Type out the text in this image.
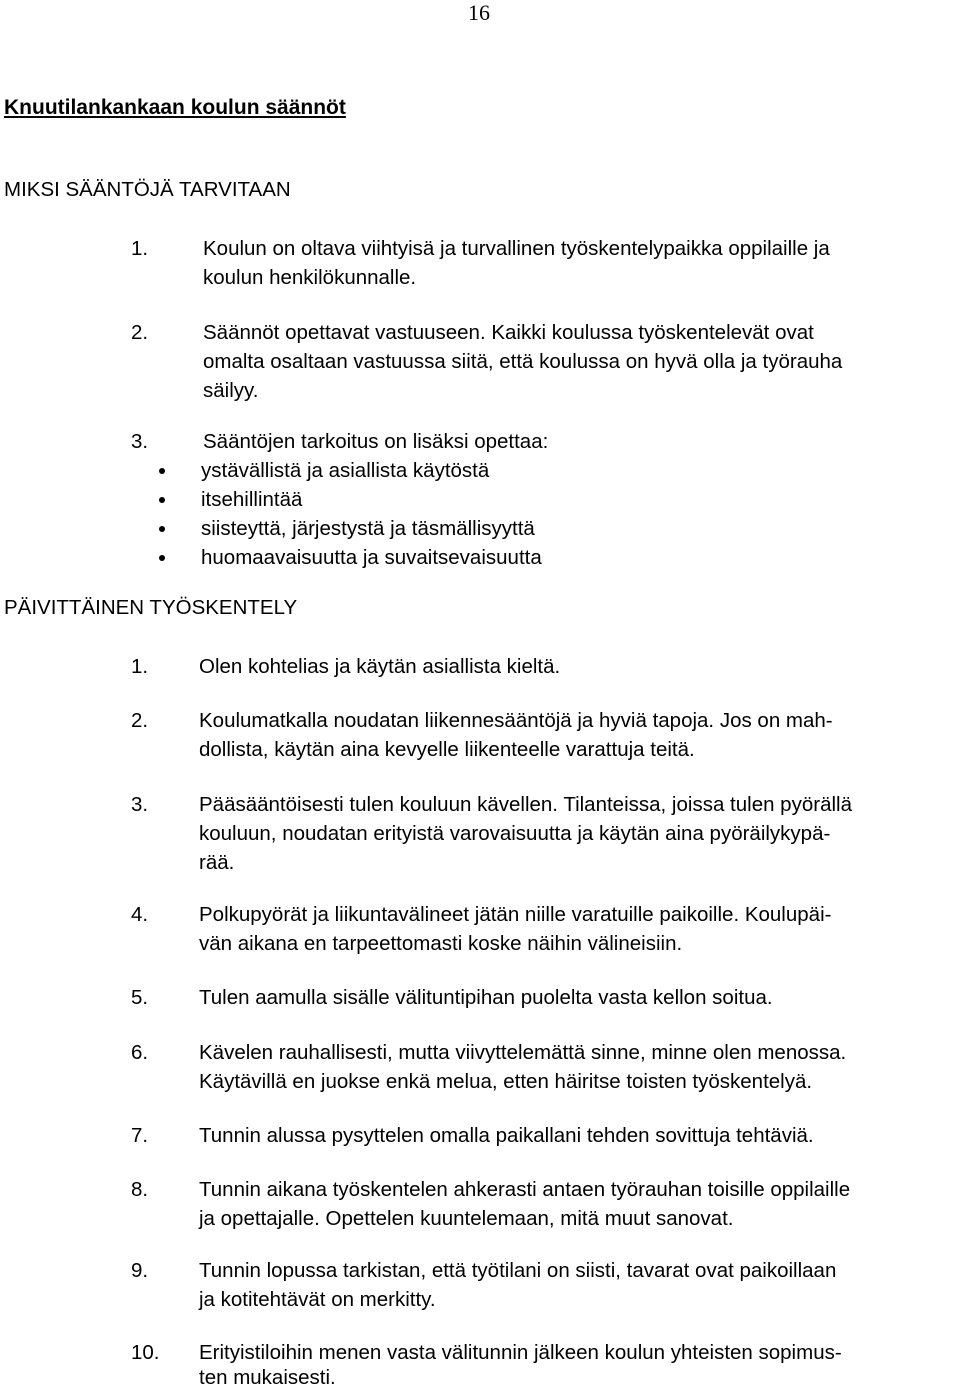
16
Knuutilankankaan koulun säännöt
MIKSI SÄÄNTÖJÄ TARVITAAN
1.	Koulun on oltava viihtyisä ja turvallinen työskentelypaikka oppilaille ja
koulun henkilökunnalle.
2.	Säännöt opettavat vastuuseen. Kaikki koulussa työskentelevät ovat
omalta osaltaan vastuussa siitä, että koulussa on hyvä olla ja työrauha
säilyy.
3.	Sääntöjen tarkoitus on lisäksi opettaa:
ystävällistä ja asiallista käytöstä
itsehillintää
siisteyttä, järjestystä ja täsmällisyyttä
huomaavaisuutta ja suvaitsevaisuutta
PÄIVITTÄINEN TYÖSKENTELY
1. Olen kohtelias ja käytän asiallista kieltä.
2. Koulumatkalla noudatan liikennesääntöjä ja hyviä tapoja. Jos on mah-
dollista, käytän aina kevyelle liikenteelle varattuja teitä.
3. Pääsääntöisesti tulen kouluun kävellen. Tilanteissa, joissa tulen pyörällä
kouluun, noudatan erityistä varovaisuutta ja käytän aina pyöräilykypä-
rää.
4. Polkupyörät ja liikuntavälineet jätän niille varatuille paikoille. Koulupäi-
vän aikana en tarpeettomasti koske näihin välineisiin.
5. Tulen aamulla sisälle välituntipihan puolelta vasta kellon soitua.
6. Kävelen rauhallisesti, mutta viivyttelemättä sinne, minne olen menossa.
Käytävillä en juokse enkä melua, etten häiritse toisten työskentelyä.
7. Tunnin alussa pysyttelen omalla paikallani tehden sovittuja tehtäviä.
8. Tunnin aikana työskentelen ahkerasti antaen työrauhan toisille oppilaille
ja opettajalle. Opettelen kuuntelemaan, mitä muut sanovat.
9. Tunnin lopussa tarkistan, että työtilani on siisti, tavarat ovat paikoillaan
ja kotitehtävät on merkitty.
10. Erityistiloihin menen vasta välitunnin jälkeen koulun yhteisten sopimus-
ten mukaisesti.
